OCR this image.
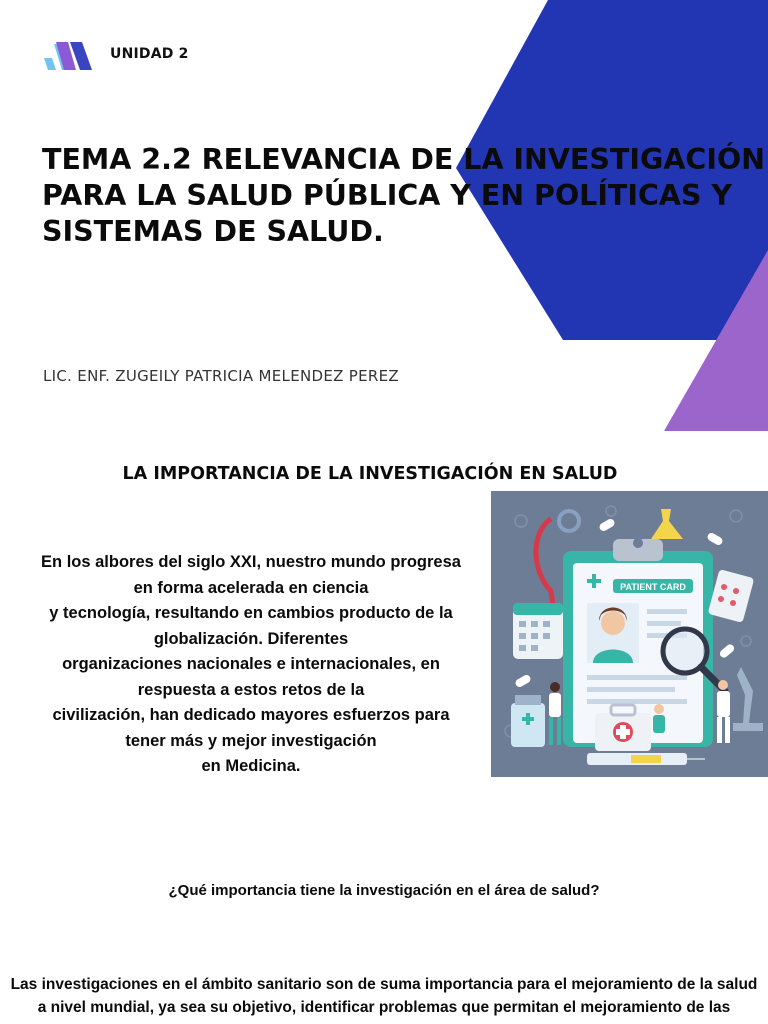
UNIDAD 2
TEMA 2.2 RELEVANCIA DE LA INVESTIGACIÓN
PARA LA SALUD PÚBLICA Y EN POLÍTICAS Y
SISTEMAS DE SALUD.
LIC. ENF. ZUGEILY PATRICIA MELENDEZ PEREZ
LA IMPORTANCIA DE LA INVESTIGACIÓN EN SALUD
En los albores del siglo XXI, nuestro mundo progresa
en forma acelerada en ciencia
y tecnología, resultando en cambios producto de la
globalización. Diferentes
organizaciones nacionales e internacionales, en
respuesta a estos retos de la
civilización, han dedicado mayores esfuerzos para
tener más y mejor investigación
en Medicina.
PATIENT CARD
¿Qué importancia tiene la investigación en el área de salud?
Las investigaciones en el ámbito sanitario son de suma importancia para el mejoramiento de la salud
a nivel mundial, ya sea su objetivo, identificar problemas que permitan el mejoramiento de las
